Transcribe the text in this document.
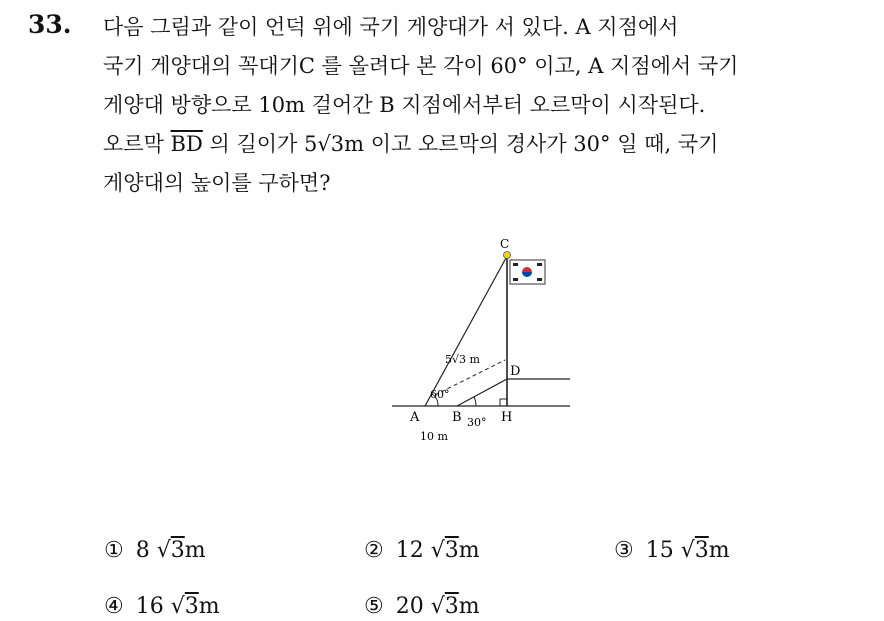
33. 다음 그림과 같이 언덕 위에 국기 게양대가 서 있다. A 지점에서
국기 게양대의 꼭대기C 를 올려다 본 각이 60° 이고, A 지점에서 국기
게양대 방향으로 10m 걸어간 B 지점에서부터 오르막이 시작된다.
오르막 $\overline{BD}$ 의 길이가 5√3m 이고 오르막의 경사가 30° 일 때, 국기
게양대의 높이를 구하면?
C
D
A	B	H
5√3 m
60°
30°
10 m
① 8 √3m	② 12 √3m	③ 15 √3m
④ 16 √3m	⑤ 20 √3m
